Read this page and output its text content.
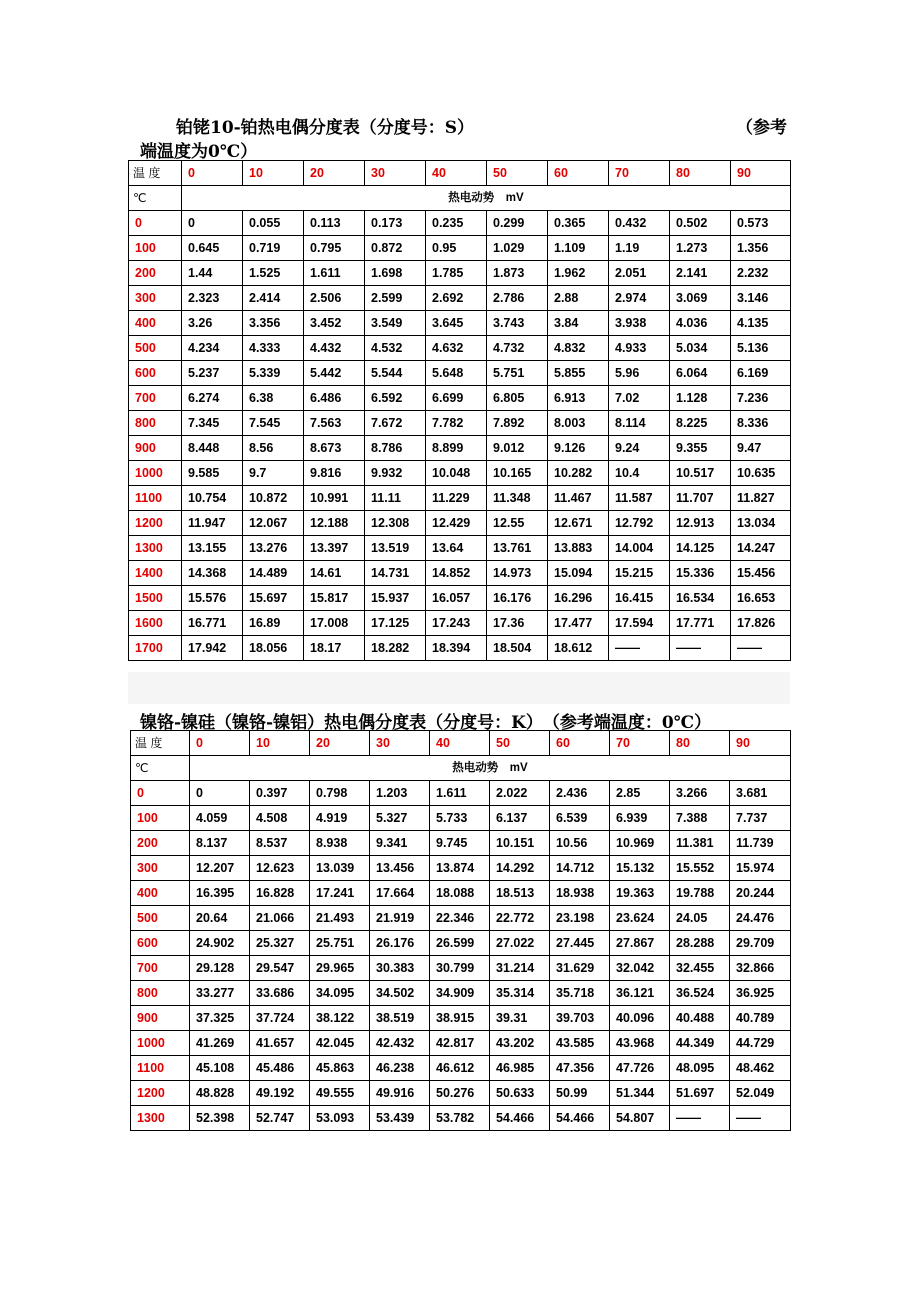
铂铑10-铂热电偶分度表（分度号：S）	（参考
端温度为0℃）
温 度	0	10	20	30	40	50	60	70	80	90
℃	热电动势　mV									
0	0	0.055	0.113	0.173	0.235	0.299	0.365	0.432	0.502	0.573
100	0.645	0.719	0.795	0.872	0.95	1.029	1.109	1.19	1.273	1.356
200	1.44	1.525	1.611	1.698	1.785	1.873	1.962	2.051	2.141	2.232
300	2.323	2.414	2.506	2.599	2.692	2.786	2.88	2.974	3.069	3.146
400	3.26	3.356	3.452	3.549	3.645	3.743	3.84	3.938	4.036	4.135
500	4.234	4.333	4.432	4.532	4.632	4.732	4.832	4.933	5.034	5.136
600	5.237	5.339	5.442	5.544	5.648	5.751	5.855	5.96	6.064	6.169
700	6.274	6.38	6.486	6.592	6.699	6.805	6.913	7.02	1.128	7.236
800	7.345	7.545	7.563	7.672	7.782	7.892	8.003	8.114	8.225	8.336
900	8.448	8.56	8.673	8.786	8.899	9.012	9.126	9.24	9.355	9.47
1000	9.585	9.7	9.816	9.932	10.048	10.165	10.282	10.4	10.517	10.635
1100	10.754	10.872	10.991	11.11	11.229	11.348	11.467	11.587	11.707	11.827
1200	11.947	12.067	12.188	12.308	12.429	12.55	12.671	12.792	12.913	13.034
1300	13.155	13.276	13.397	13.519	13.64	13.761	13.883	14.004	14.125	14.247
1400	14.368	14.489	14.61	14.731	14.852	14.973	15.094	15.215	15.336	15.456
1500	15.576	15.697	15.817	15.937	16.057	16.176	16.296	16.415	16.534	16.653
1600	16.771	16.89	17.008	17.125	17.243	17.36	17.477	17.594	17.771	17.826
1700	17.942	18.056	18.17	18.282	18.394	18.504	18.612	——	——	——
镍铬-镍硅（镍铬-镍铝）热电偶分度表（分度号：K）　（参考端温度：0℃）
温 度	0	10	20	30	40	50	60	70	80	90
℃	热电动势　mV									
0	0	0.397	0.798	1.203	1.611	2.022	2.436	2.85	3.266	3.681
100	4.059	4.508	4.919	5.327	5.733	6.137	6.539	6.939	7.388	7.737
200	8.137	8.537	8.938	9.341	9.745	10.151	10.56	10.969	11.381	11.739
300	12.207	12.623	13.039	13.456	13.874	14.292	14.712	15.132	15.552	15.974
400	16.395	16.828	17.241	17.664	18.088	18.513	18.938	19.363	19.788	20.244
500	20.64	21.066	21.493	21.919	22.346	22.772	23.198	23.624	24.05	24.476
600	24.902	25.327	25.751	26.176	26.599	27.022	27.445	27.867	28.288	29.709
700	29.128	29.547	29.965	30.383	30.799	31.214	31.629	32.042	32.455	32.866
800	33.277	33.686	34.095	34.502	34.909	35.314	35.718	36.121	36.524	36.925
900	37.325	37.724	38.122	38.519	38.915	39.31	39.703	40.096	40.488	40.789
1000	41.269	41.657	42.045	42.432	42.817	43.202	43.585	43.968	44.349	44.729
1100	45.108	45.486	45.863	46.238	46.612	46.985	47.356	47.726	48.095	48.462
1200	48.828	49.192	49.555	49.916	50.276	50.633	50.99	51.344	51.697	52.049
1300	52.398	52.747	53.093	53.439	53.782	54.466	54.466	54.807	——	——
